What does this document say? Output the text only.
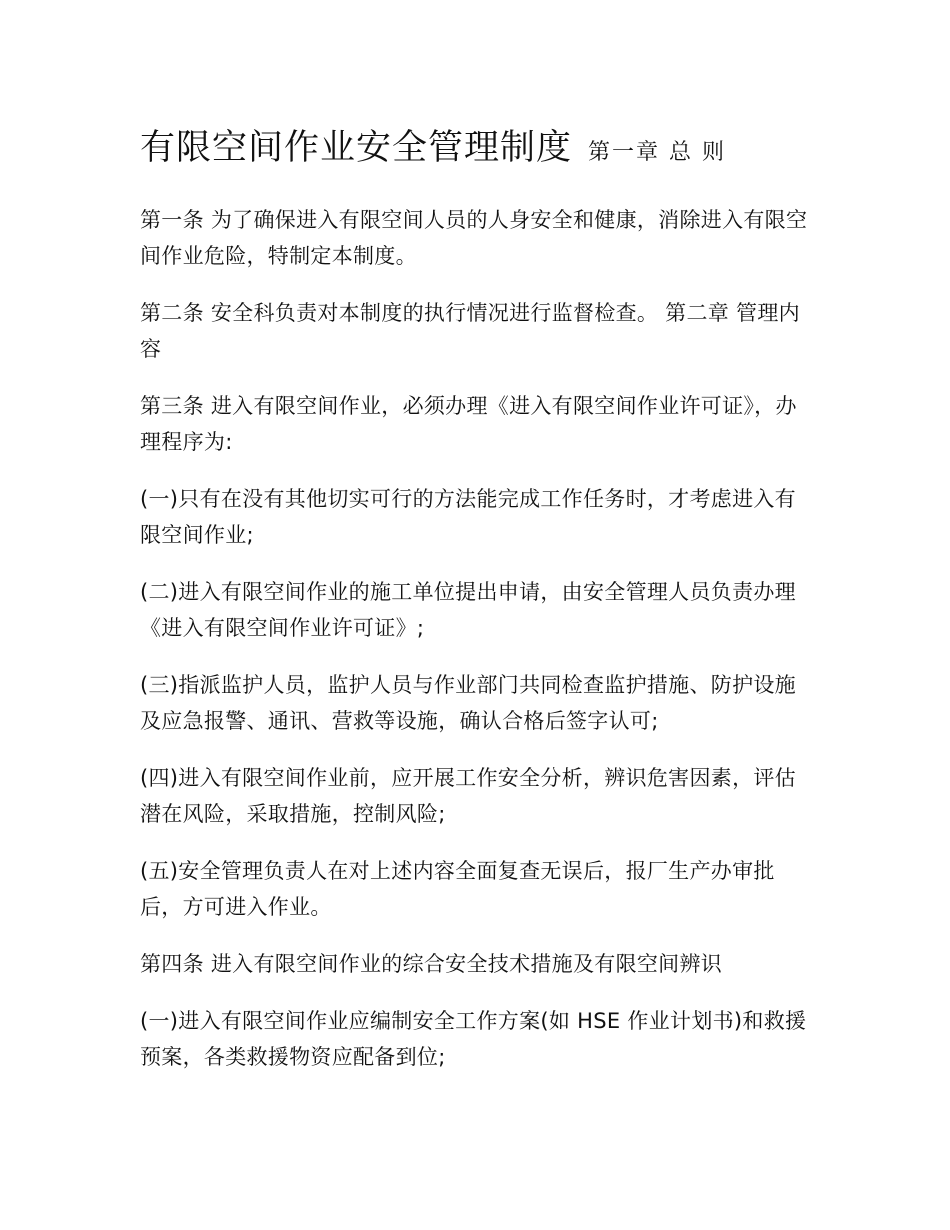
有限空间作业安全管理制度 第一章 总 则

第一条 为了确保进入有限空间人员的人身安全和健康，消除进入有限空间作业危险，特制定本制度。

第二条 安全科负责对本制度的执行情况进行监督检查。 第二章 管理内容

第三条 进入有限空间作业，必须办理《进入有限空间作业许可证》，办理程序为:

(一)只有在没有其他切实可行的方法能完成工作任务时，才考虑进入有限空间作业;

(二)进入有限空间作业的施工单位提出申请，由安全管理人员负责办理《进入有限空间作业许可证》;

(三)指派监护人员，监护人员与作业部门共同检查监护措施、防护设施及应急报警、通讯、营救等设施，确认合格后签字认可;

(四)进入有限空间作业前，应开展工作安全分析，辨识危害因素，评估潜在风险，采取措施，控制风险;

(五)安全管理负责人在对上述内容全面复查无误后，报厂生产办审批后，方可进入作业。

第四条 进入有限空间作业的综合安全技术措施及有限空间辨识

(一)进入有限空间作业应编制安全工作方案(如 HSE 作业计划书)和救援预案，各类救援物资应配备到位;
